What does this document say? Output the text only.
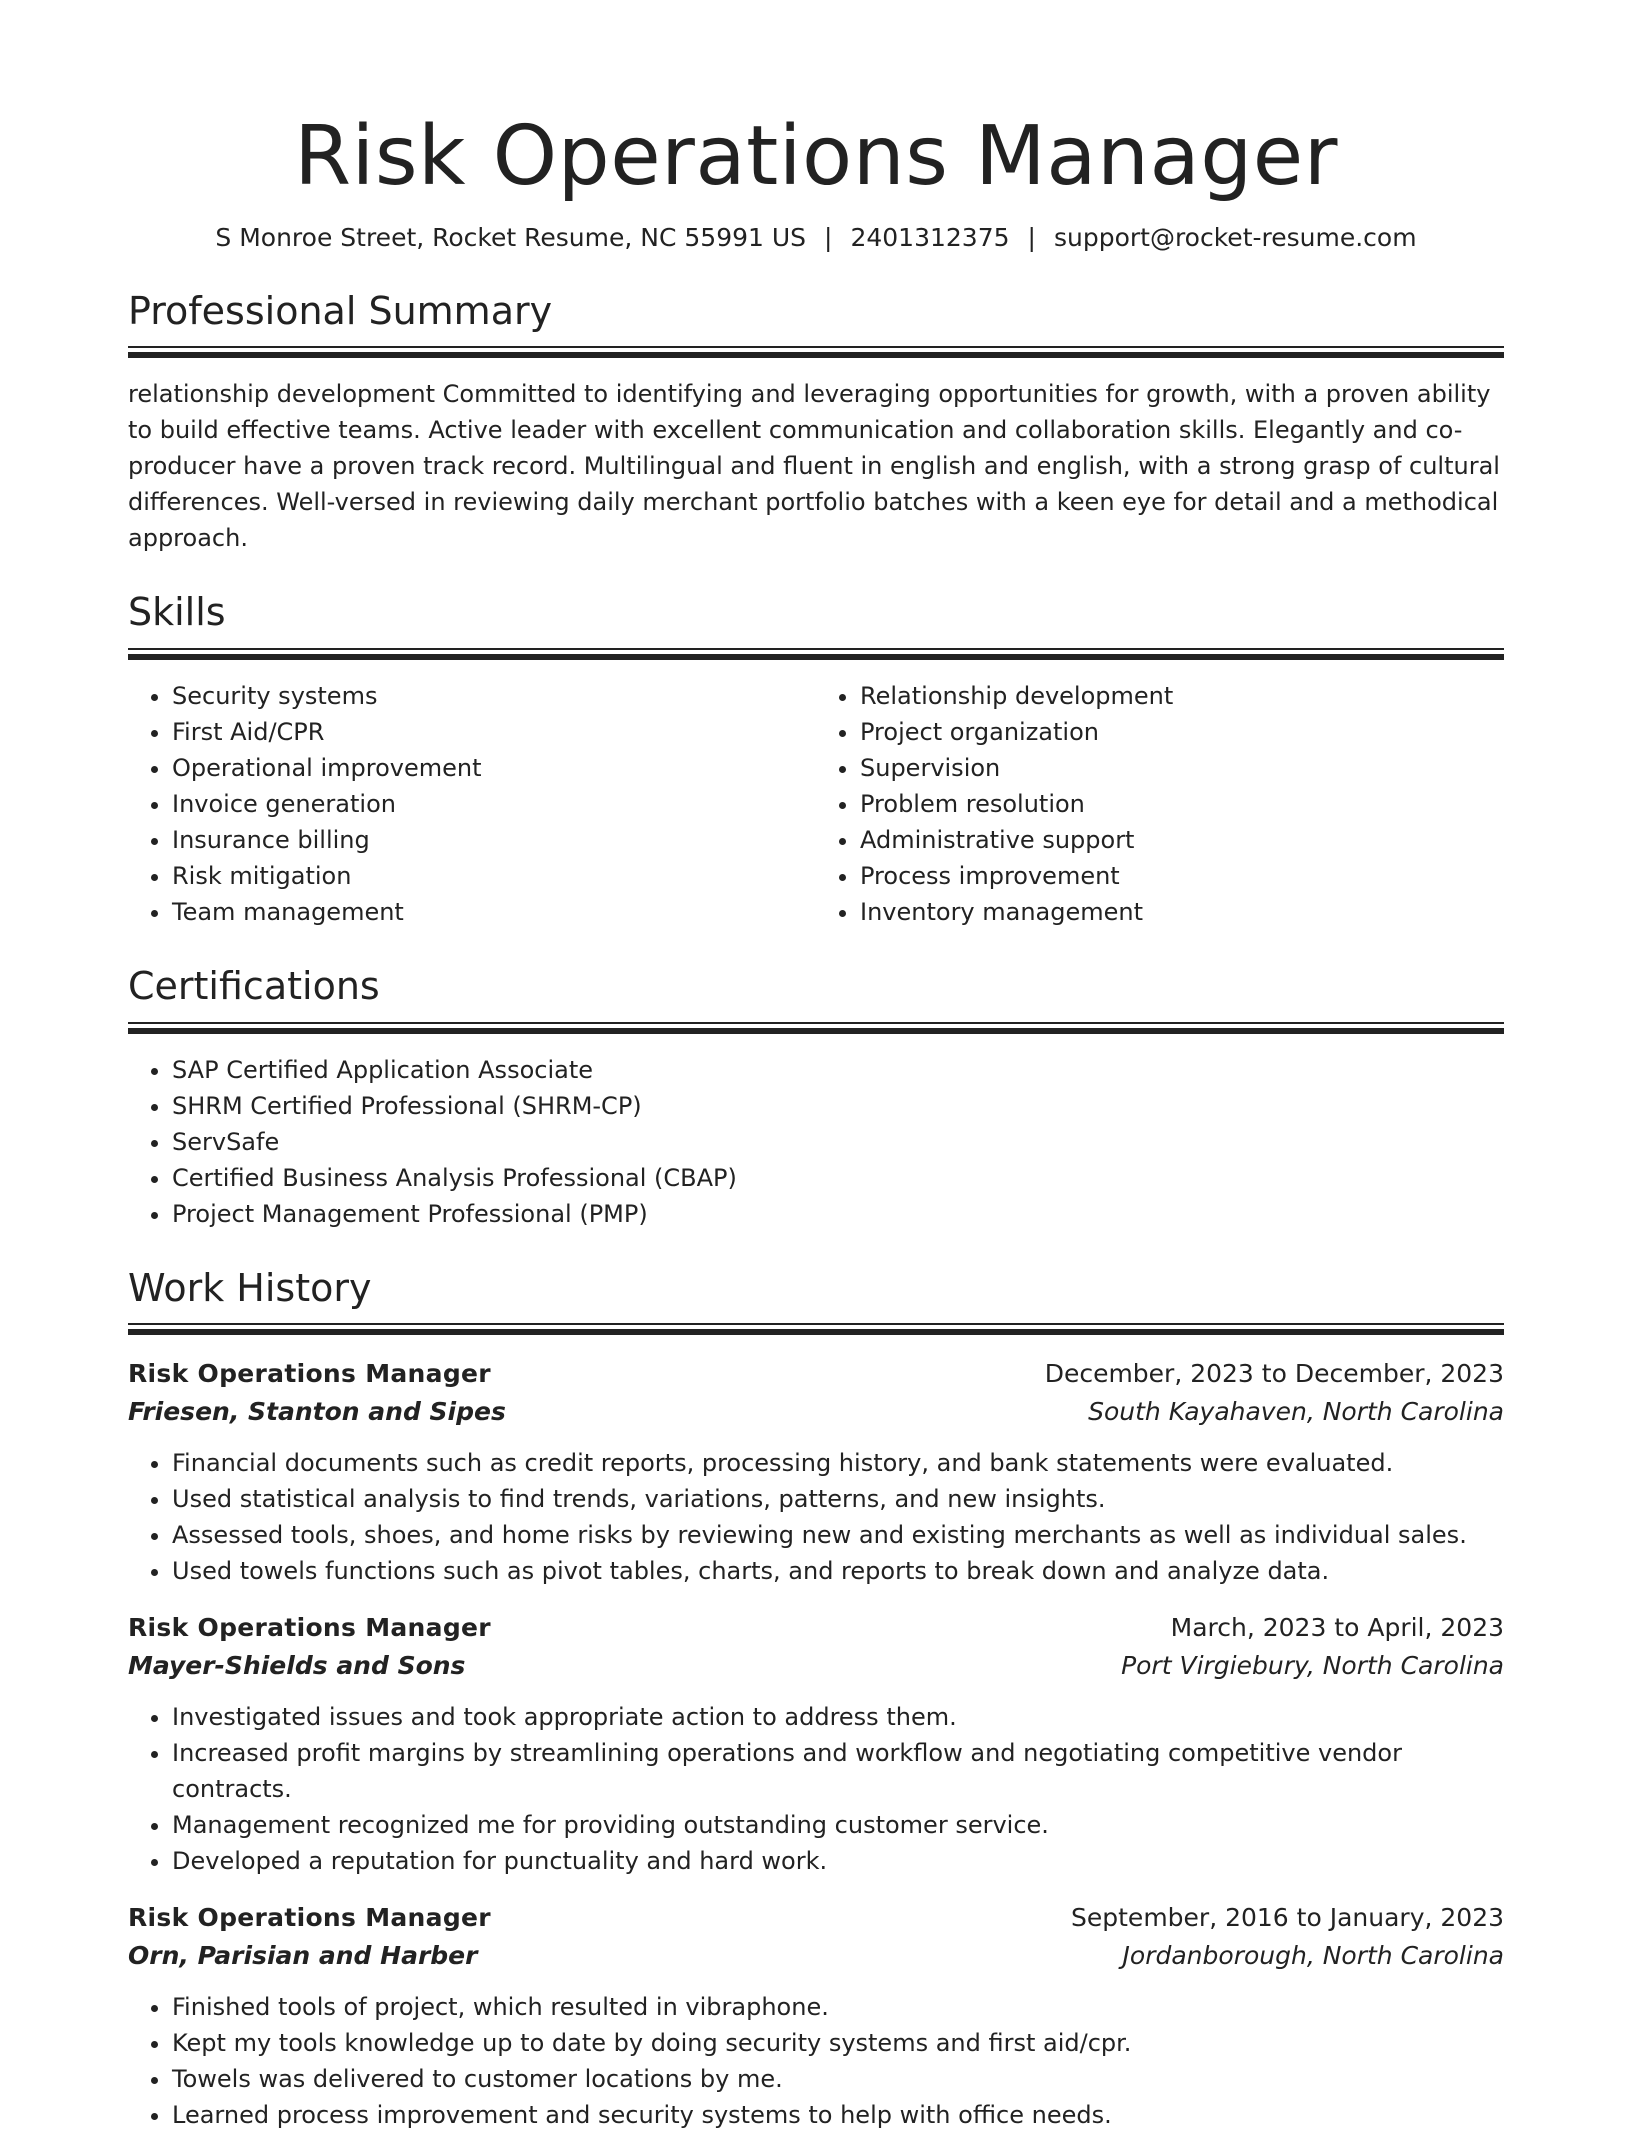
Risk Operations Manager
S Monroe Street, Rocket Resume, NC 55991 US | 2401312375 | support@rocket-resume.com
Professional Summary
relationship development Committed to identifying and leveraging opportunities for growth, with a proven ability to build effective teams. Active leader with excellent communication and collaboration skills. Elegantly and co-producer have a proven track record. Multilingual and fluent in english and english, with a strong grasp of cultural differences. Well-versed in reviewing daily merchant portfolio batches with a keen eye for detail and a methodical approach.
Skills
• Security systems
• First Aid/CPR
• Operational improvement
• Invoice generation
• Insurance billing
• Risk mitigation
• Team management
• Relationship development
• Project organization
• Supervision
• Problem resolution
• Administrative support
• Process improvement
• Inventory management
Certifications
• SAP Certified Application Associate
• SHRM Certified Professional (SHRM-CP)
• ServSafe
• Certified Business Analysis Professional (CBAP)
• Project Management Professional (PMP)
Work History
Risk Operations Manager	December, 2023 to December, 2023
Friesen, Stanton and Sipes	South Kayahaven, North Carolina
• Financial documents such as credit reports, processing history, and bank statements were evaluated.
• Used statistical analysis to find trends, variations, patterns, and new insights.
• Assessed tools, shoes, and home risks by reviewing new and existing merchants as well as individual sales.
• Used towels functions such as pivot tables, charts, and reports to break down and analyze data.
Risk Operations Manager	March, 2023 to April, 2023
Mayer-Shields and Sons	Port Virgiebury, North Carolina
• Investigated issues and took appropriate action to address them.
• Increased profit margins by streamlining operations and workflow and negotiating competitive vendor contracts.
• Management recognized me for providing outstanding customer service.
• Developed a reputation for punctuality and hard work.
Risk Operations Manager	September, 2016 to January, 2023
Orn, Parisian and Harber	Jordanborough, North Carolina
• Finished tools of project, which resulted in vibraphone.
• Kept my tools knowledge up to date by doing security systems and first aid/cpr.
• Towels was delivered to customer locations by me.
• Learned process improvement and security systems to help with office needs.
